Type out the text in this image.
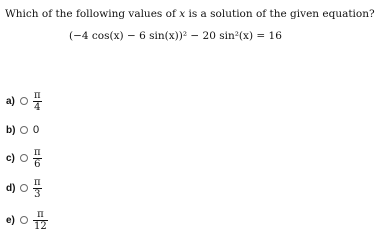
Which of the following values of x is a solution of the given equation?
(−4 cos(x) − 6 sin(x))² − 20 sin²(x) = 16
a)	$\frac{\pi}{4}$
b) 0
c)	$\frac{\pi}{6}$
$d) \frac{\pi}{3}$
e)	$\frac{\pi}{12}$
